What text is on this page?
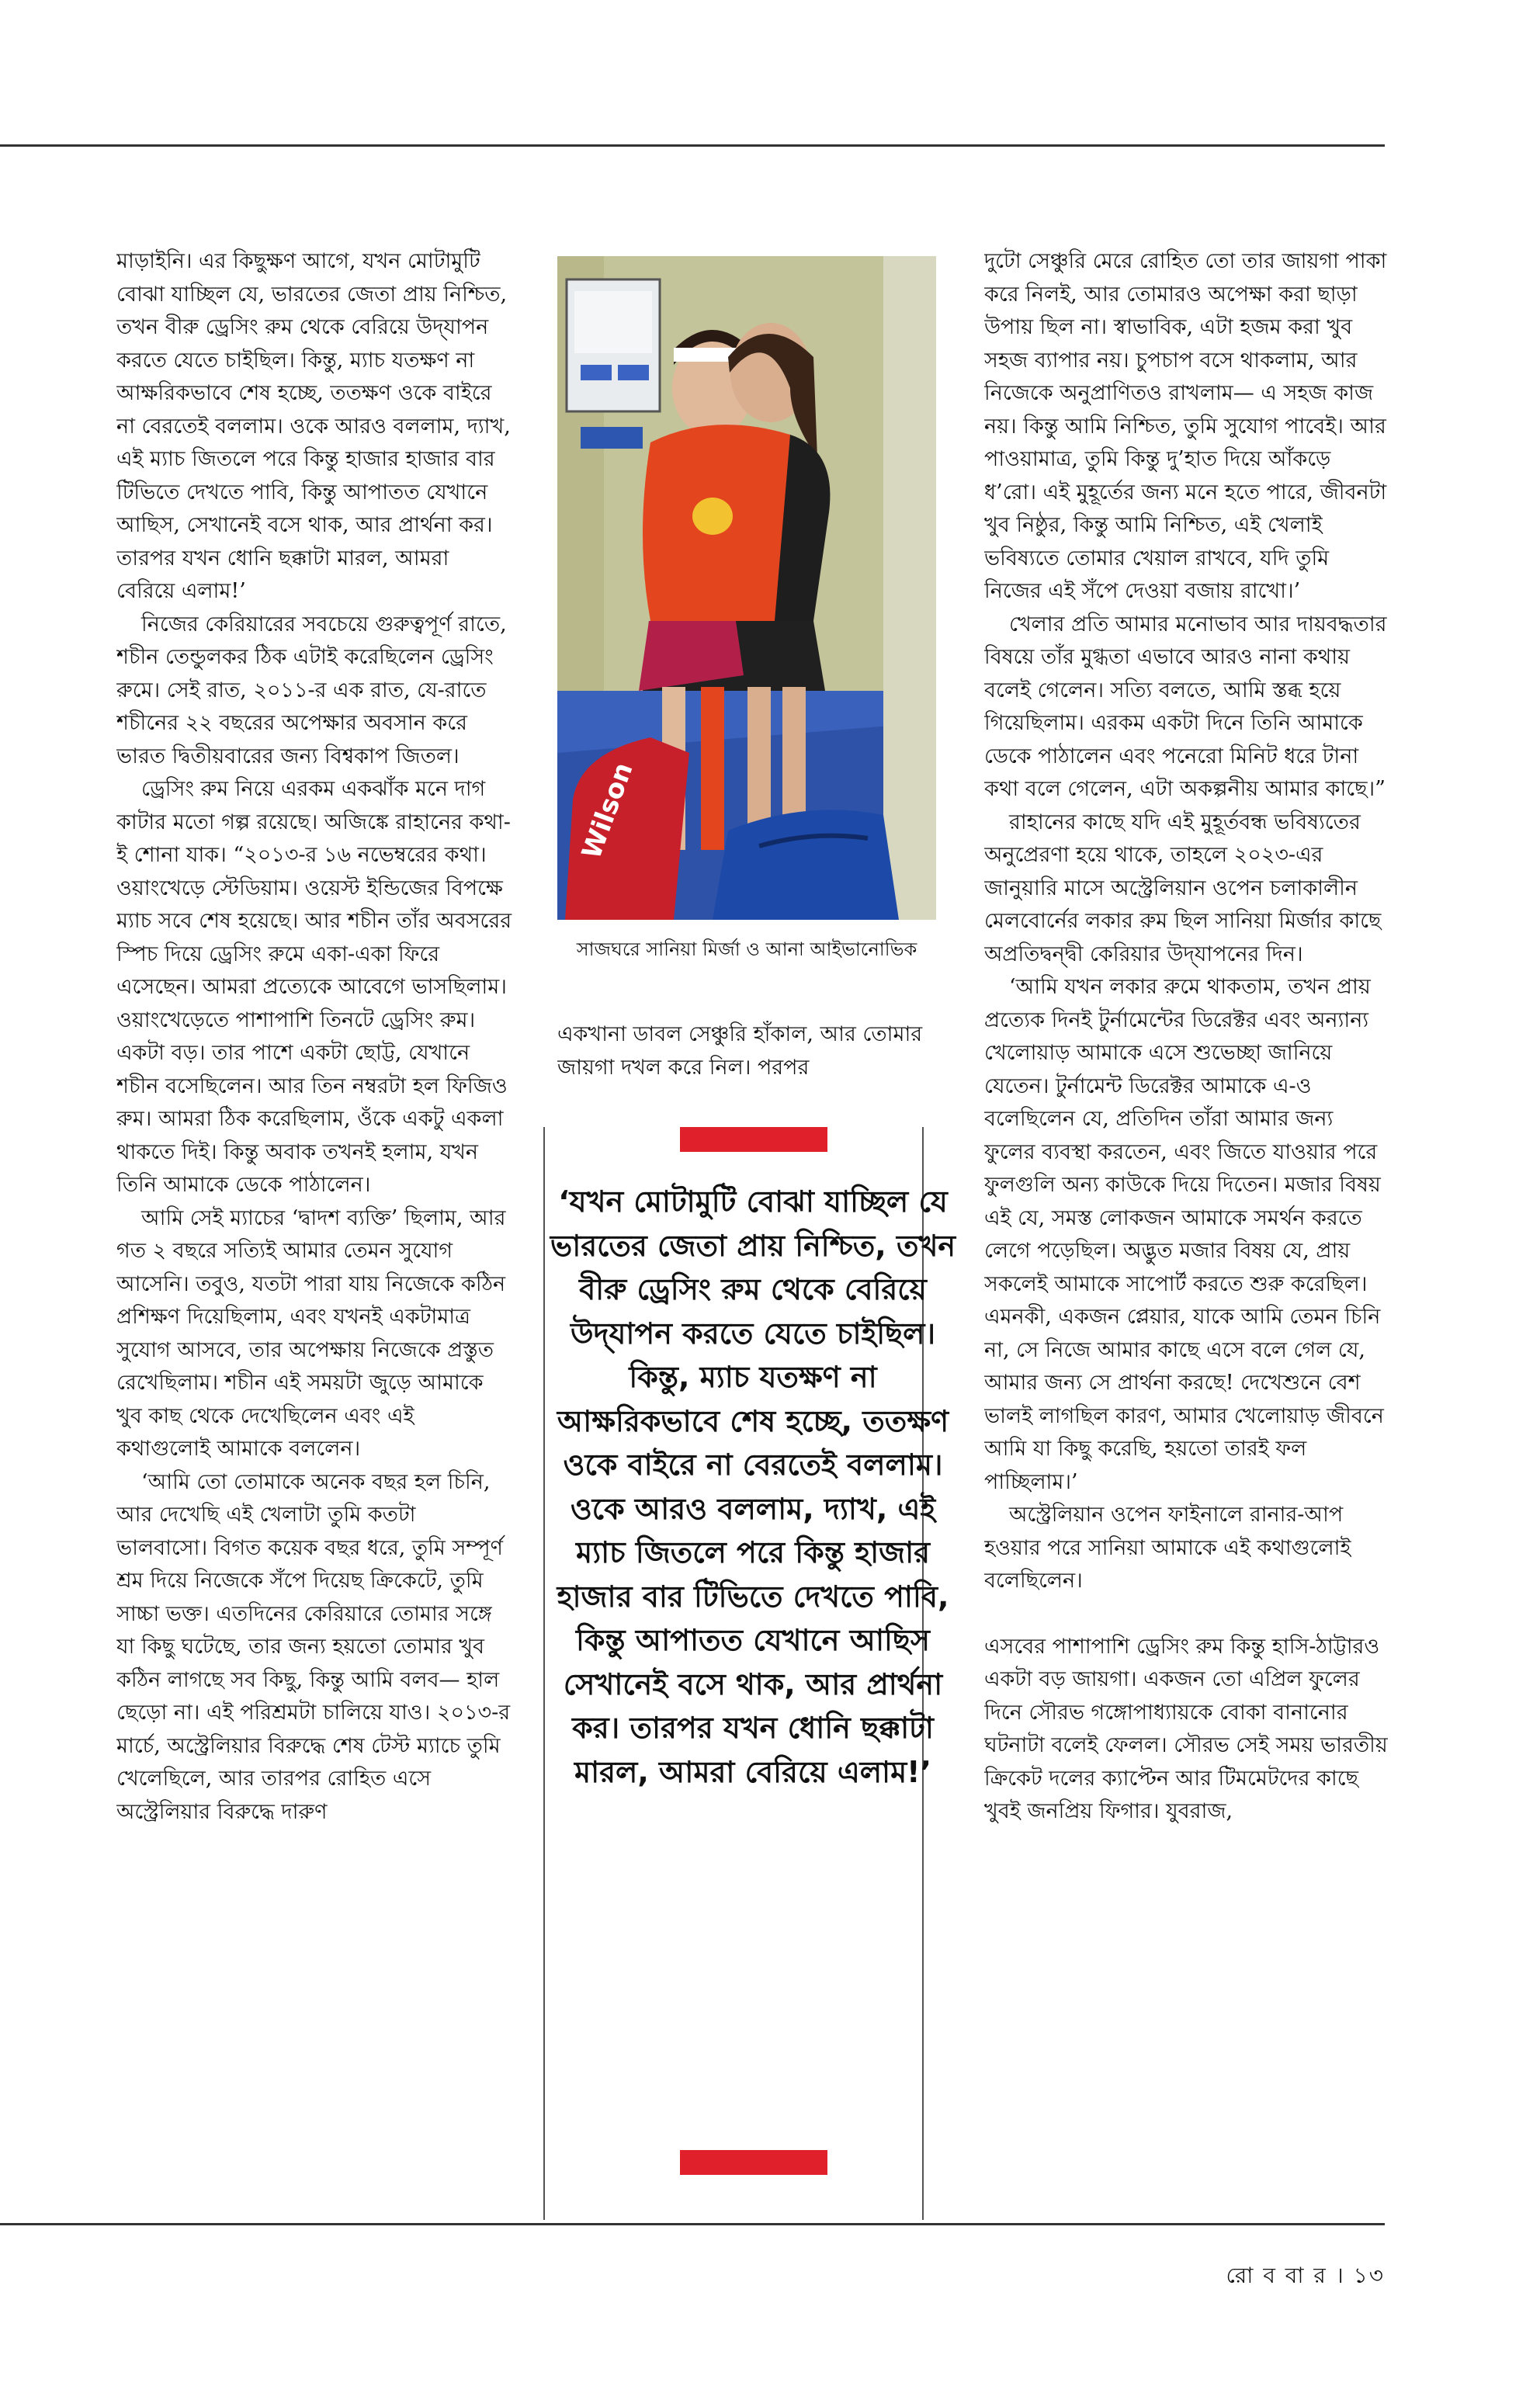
মাড়াইনি। এর কিছুক্ষণ আগে, যখন মোটামুটি বোঝা যাচ্ছিল যে, ভারতের জেতা প্রায় নিশ্চিত, তখন বীরু ড্রেসিং রুম থেকে বেরিয়ে উদ্‌যাপন করতে যেতে চাইছিল। কিন্তু, ম্যাচ যতক্ষণ না আক্ষরিকভাবে শেষ হচ্ছে, ততক্ষণ ওকে বাইরে না বেরতেই বললাম। ওকে আরও বললাম, দ্যাখ, এই ম্যাচ জিতলে পরে কিন্তু হাজার হাজার বার টিভিতে দেখতে পাবি, কিন্তু আপাতত যেখানে আছিস, সেখানেই বসে থাক, আর প্রার্থনা কর। তারপর যখন ধোনি ছক্কাটা মারল, আমরা বেরিয়ে এলাম!’

নিজের কেরিয়ারের সবচেয়ে গুরুত্বপূর্ণ রাতে, শচীন তেন্ডুলকর ঠিক এটাই করেছিলেন ড্রেসিং রুমে। সেই রাত, ২০১১-র এক রাত, যে-রাতে শচীনের ২২ বছরের অপেক্ষার অবসান করে ভারত দ্বিতীয়বারের জন্য বিশ্বকাপ জিতল।

ড্রেসিং রুম নিয়ে এরকম একঝাঁক মনে দাগ কাটার মতো গল্প রয়েছে। অজিঙ্কে রাহানের কথা-ই শোনা যাক। “২০১৩-র ১৬ নভেম্বরের কথা। ওয়াংখেড়ে স্টেডিয়াম। ওয়েস্ট ইন্ডিজের বিপক্ষে ম্যাচ সবে শেষ হয়েছে। আর শচীন তাঁর অবসরের স্পিচ দিয়ে ড্রেসিং রুমে একা-একা ফিরে এসেছেন। আমরা প্রত্যেকে আবেগে ভাসছিলাম। ওয়াংখেড়েতে পাশাপাশি তিনটে ড্রেসিং রুম। একটা বড়। তার পাশে একটা ছোট্ট, যেখানে শচীন বসেছিলেন। আর তিন নম্বরটা হল ফিজিও রুম। আমরা ঠিক করেছিলাম, ওঁকে একটু একলা থাকতে দিই। কিন্তু অবাক তখনই হলাম, যখন তিনি আমাকে ডেকে পাঠালেন।

আমি সেই ম্যাচের ‘দ্বাদশ ব্যক্তি’ ছিলাম, আর গত ২ বছরে সত্যিই আমার তেমন সুযোগ আসেনি। তবুও, যতটা পারা যায় নিজেকে কঠিন প্রশিক্ষণ দিয়েছিলাম, এবং যখনই একটামাত্র সুযোগ আসবে, তার অপেক্ষায় নিজেকে প্রস্তুত রেখেছিলাম। শচীন এই সময়টা জুড়ে আমাকে খুব কাছ থেকে দেখেছিলেন এবং এই কথাগুলোই আমাকে বললেন।

‘আমি তো তোমাকে অনেক বছর হল চিনি, আর দেখেছি এই খেলাটা তুমি কতটা ভালবাসো। বিগত কয়েক বছর ধরে, তুমি সম্পূর্ণ শ্রম দিয়ে নিজেকে সঁপে দিয়েছ ক্রিকেটে, তুমি সাচ্চা ভক্ত। এতদিনের কেরিয়ারে তোমার সঙ্গে যা কিছু ঘটেছে, তার জন্য হয়তো তোমার খুব কঠিন লাগছে সব কিছু, কিন্তু আমি বলব— হাল ছেড়ো না। এই পরিশ্রমটা চালিয়ে যাও। ২০১৩-র মার্চে, অস্ট্রেলিয়ার বিরুদ্ধে শেষ টেস্ট ম্যাচে তুমি খেলেছিলে, আর তারপর রোহিত এসে অস্ট্রেলিয়ার বিরুদ্ধে দারুণ

Wilson
সাজঘরে সানিয়া মির্জা ও আনা আইভানোভিক

একখানা ডাবল সেঞ্চুরি হাঁকাল, আর তোমার জায়গা দখল করে নিল। পরপর

‘যখন মোটামুটি বোঝা যাচ্ছিল যে ভারতের জেতা প্রায় নিশ্চিত, তখন বীরু ড্রেসিং রুম থেকে বেরিয়ে উদ্‌যাপন করতে যেতে চাইছিল। কিন্তু, ম্যাচ যতক্ষণ না আক্ষরিকভাবে শেষ হচ্ছে, ততক্ষণ ওকে বাইরে না বেরতেই বললাম। ওকে আরও বললাম, দ্যাখ, এই ম্যাচ জিতলে পরে কিন্তু হাজার হাজার বার টিভিতে দেখতে পাবি, কিন্তু আপাতত যেখানে আছিস সেখানেই বসে থাক, আর প্রার্থনা কর। তারপর যখন ধোনি ছক্কাটা মারল, আমরা বেরিয়ে এলাম!’

দুটো সেঞ্চুরি মেরে রোহিত তো তার জায়গা পাকা করে নিলই, আর তোমারও অপেক্ষা করা ছাড়া উপায় ছিল না। স্বাভাবিক, এটা হজম করা খুব সহজ ব্যাপার নয়। চুপচাপ বসে থাকলাম, আর নিজেকে অনুপ্রাণিতও রাখলাম— এ সহজ কাজ নয়। কিন্তু আমি নিশ্চিত, তুমি সুযোগ পাবেই। আর পাওয়ামাত্র, তুমি কিন্তু দু’হাত দিয়ে আঁকড়ে ধ’রো। এই মুহূর্তের জন্য মনে হতে পারে, জীবনটা খুব নিষ্ঠুর, কিন্তু আমি নিশ্চিত, এই খেলাই ভবিষ্যতে তোমার খেয়াল রাখবে, যদি তুমি নিজের এই সঁপে দেওয়া বজায় রাখো।’

খেলার প্রতি আমার মনোভাব আর দায়বদ্ধতার বিষয়ে তাঁর মুগ্ধতা এভাবে আরও নানা কথায় বলেই গেলেন। সত্যি বলতে, আমি স্তব্ধ হয়ে গিয়েছিলাম। এরকম একটা দিনে তিনি আমাকে ডেকে পাঠালেন এবং পনেরো মিনিট ধরে টানা কথা বলে গেলেন, এটা অকল্পনীয় আমার কাছে।”

রাহানের কাছে যদি এই মুহূর্তবন্ধ ভবিষ্যতের অনুপ্রেরণা হয়ে থাকে, তাহলে ২০২৩-এর জানুয়ারি মাসে অস্ট্রেলিয়ান ওপেন চলাকালীন মেলবোর্নের লকার রুম ছিল সানিয়া মির্জার কাছে অপ্রতিদ্বন্দ্বী কেরিয়ার উদ্‌যাপনের দিন।

‘আমি যখন লকার রুমে থাকতাম, তখন প্রায় প্রত্যেক দিনই টুর্নামেন্টের ডিরেক্টর এবং অন্যান্য খেলোয়াড় আমাকে এসে শুভেচ্ছা জানিয়ে যেতেন। টুর্নামেন্ট ডিরেক্টর আমাকে এ-ও বলেছিলেন যে, প্রতিদিন তাঁরা আমার জন্য ফুলের ব্যবস্থা করতেন, এবং জিতে যাওয়ার পরে ফুলগুলি অন্য কাউকে দিয়ে দিতেন। মজার বিষয় এই যে, সমস্ত লোকজন আমাকে সমর্থন করতে লেগে পড়েছিল। অদ্ভুত মজার বিষয় যে, প্রায় সকলেই আমাকে সাপোর্ট করতে শুরু করেছিল। এমনকী, একজন প্লেয়ার, যাকে আমি তেমন চিনি না, সে নিজে আমার কাছে এসে বলে গেল যে, আমার জন্য সে প্রার্থনা করছে! দেখেশুনে বেশ ভালই লাগছিল কারণ, আমার খেলোয়াড় জীবনে আমি যা কিছু করেছি, হয়তো তারই ফল পাচ্ছিলাম।’

অস্ট্রেলিয়ান ওপেন ফাইনালে রানার-আপ হওয়ার পরে সানিয়া আমাকে এই কথাগুলোই বলেছিলেন।

এসবের পাশাপাশি ড্রেসিং রুম কিন্তু হাসি-ঠাট্টারও একটা বড় জায়গা। একজন তো এপ্রিল ফুলের দিনে সৌরভ গঙ্গোপাধ্যায়কে বোকা বানানোর ঘটনাটা বলেই ফেলল। সৌরভ সেই সময় ভারতীয় ক্রিকেট দলের ক্যাপ্টেন আর টিমমেটদের কাছে খুবই জনপ্রিয় ফিগার। যুবরাজ,

রো ব বা র । ১৩
